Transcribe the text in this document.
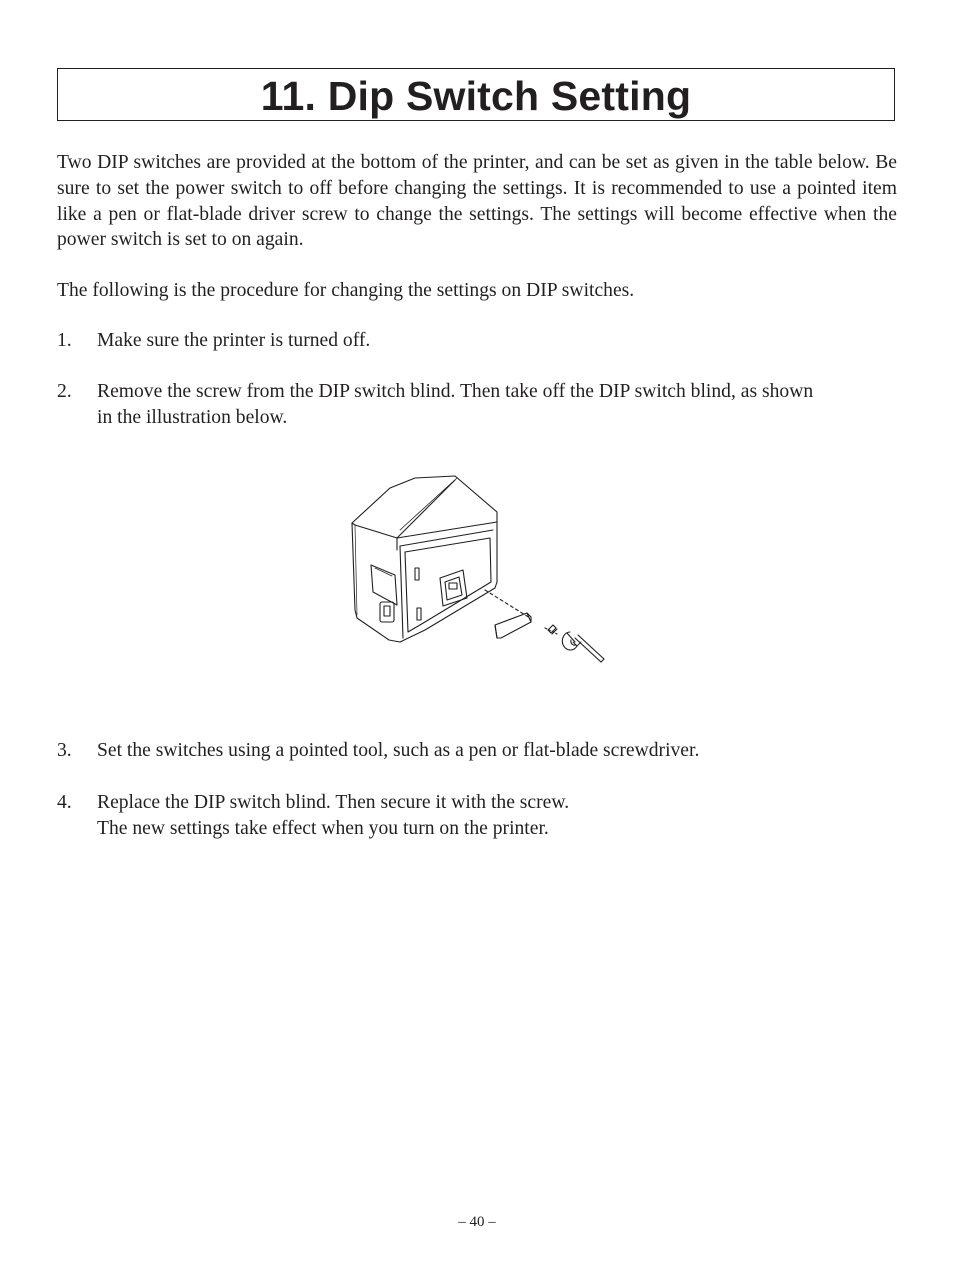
11. Dip Switch Setting

Two DIP switches are provided at the bottom of the printer, and can be set as given in the table below. Be sure to set the power switch to off before changing the settings. It is recommended to use a pointed item like a pen or flat-blade driver screw to change the settings. The settings will become effective when the power switch is set to on again.

The following is the procedure for changing the settings on DIP switches.

1.	Make sure the printer is turned off.
2.	Remove the screw from the DIP switch blind. Then take off the DIP switch blind, as shown
in the illustration below.
3.	Set the switches using a pointed tool, such as a pen or flat-blade screwdriver.
4.	Replace the DIP switch blind. Then secure it with the screw.
The new settings take effect when you turn on the printer.
– 40 –
